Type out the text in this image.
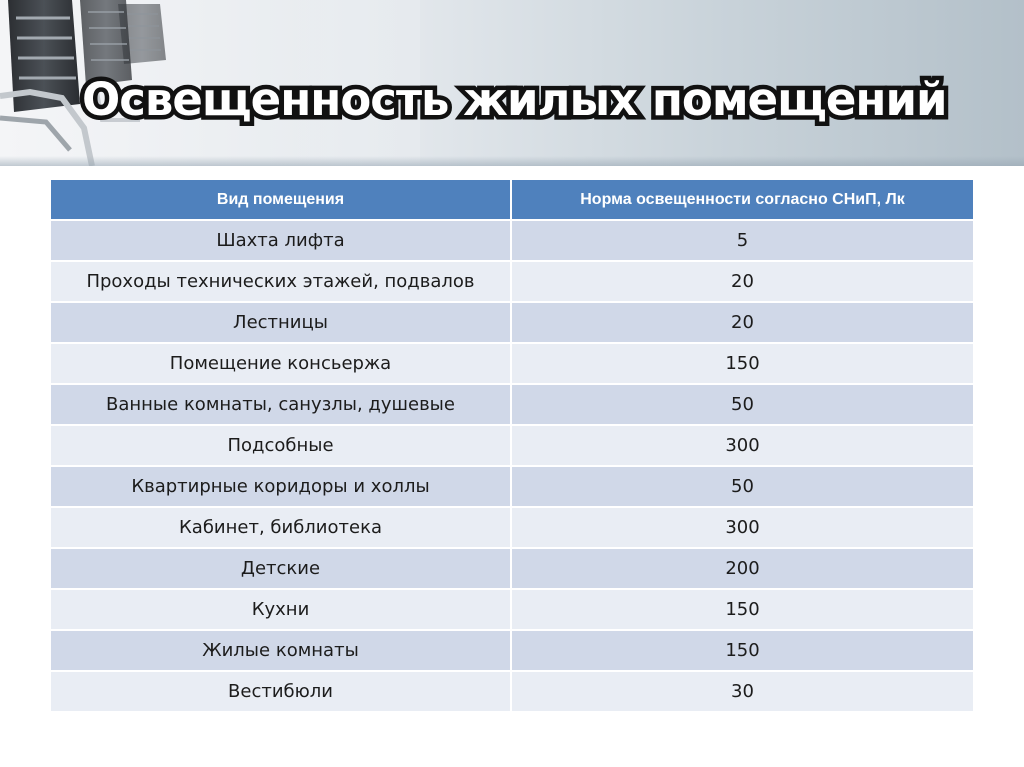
Освещенность жилых помещений
Вид помещения	Норма освещенности согласно СНиП, Лк
Шахта лифта	5
Проходы технических этажей, подвалов	20
Лестницы	20
Помещение консьержа	150
Ванные комнаты, санузлы, душевые	50
Подсобные	300
Квартирные коридоры и холлы	50
Кабинет, библиотека	300
Детские	200
Кухни	150
Жилые комнаты	150
Вестибюли	30
